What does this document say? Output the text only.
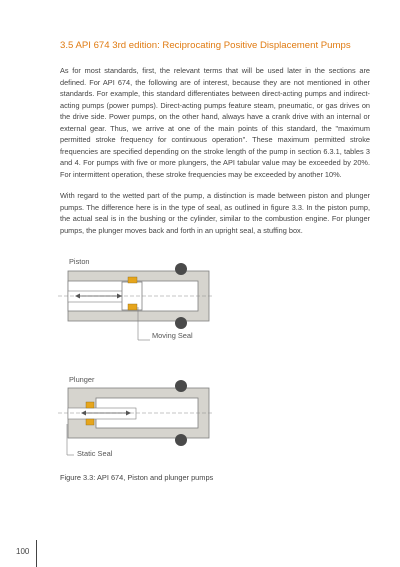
3.5 API 674 3rd edition: Reciprocating Positive Displacement Pumps

As for most standards, first, the relevant terms that will be used later in the sections are defined. For API 674, the following are of interest, because they are not mentioned in other standards. For example, this standard differentiates between direct-acting pumps and indirect-acting pumps (power pumps). Direct-acting pumps feature steam, pneumatic, or gas drives on the drive side. Power pumps, on the other hand, always have a crank drive with an internal or external gear. Thus, we arrive at one of the main points of this standard, the "maximum permitted stroke frequency for continuous operation". These maximum permitted stroke frequencies are specified depending on the stroke length of the pump in section 6.3.1, tables 3 and 4. For pumps with five or more plungers, the API tabular value may be exceeded by 20%. For intermittent operation, these stroke frequencies may be exceeded by another 10%.

With regard to the wetted part of the pump, a distinction is made between piston and plunger pumps. The difference here is in the type of seal, as outlined in figure 3.3. In the piston pump, the actual seal is in the bushing or the cylinder, similar to the combustion engine. For plunger pumps, the plunger moves back and forth in an upright seal, a stuffing box.

Piston
Moving Seal
Plunger
Static Seal

Figure 3.3: API 674, Piston and plunger pumps

100
